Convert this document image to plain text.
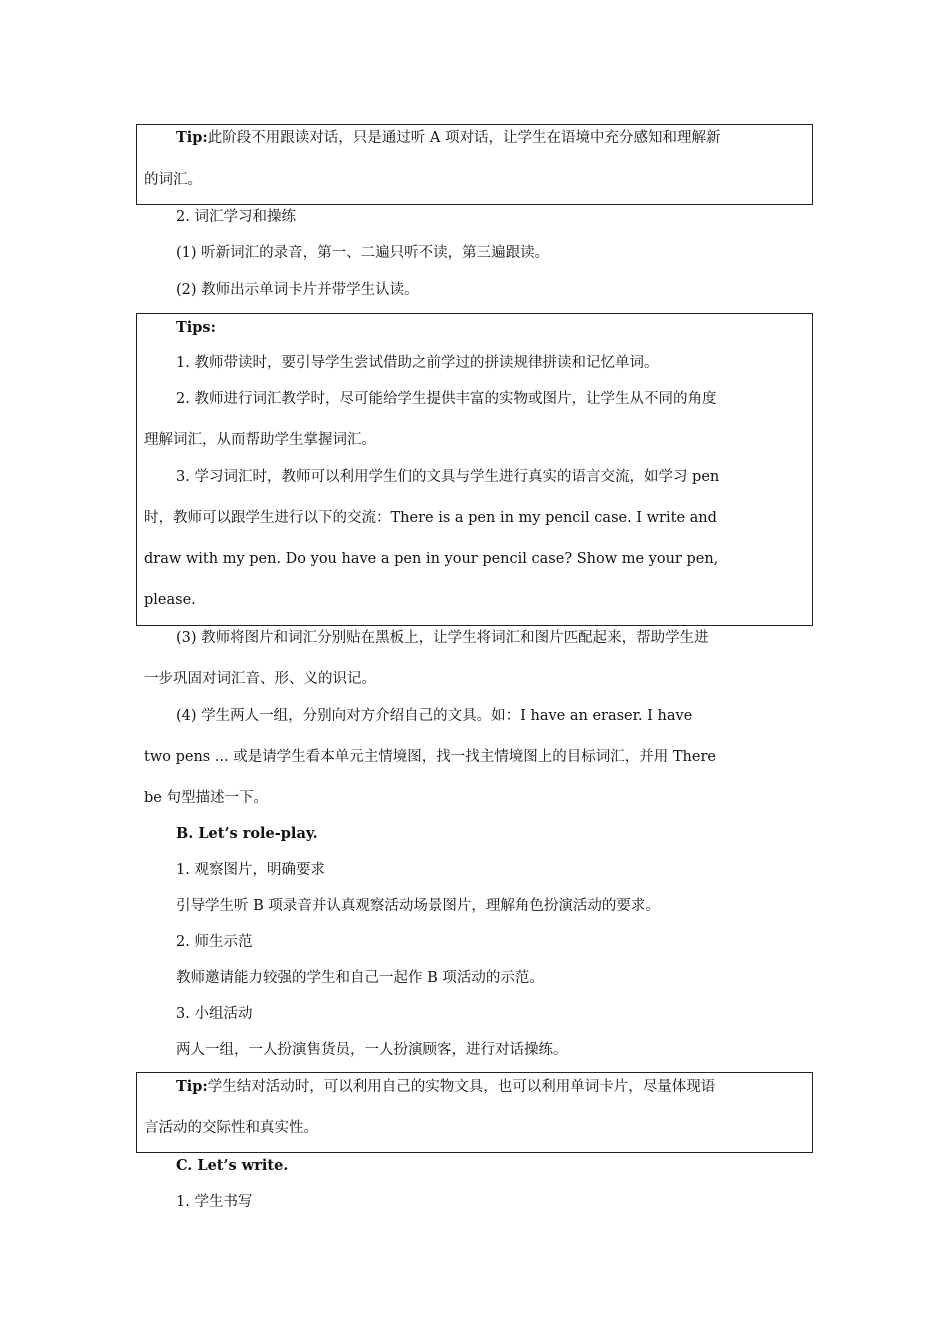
Tip:此阶段不用跟读对话，只是通过听 A 项对话，让学生在语境中充分感知和理解新
的词汇。
2. 词汇学习和操练
(1) 听新词汇的录音，第一、二遍只听不读，第三遍跟读。
(2) 教师出示单词卡片并带学生认读。
Tips:
1. 教师带读时，要引导学生尝试借助之前学过的拼读规律拼读和记忆单词。
2. 教师进行词汇教学时，尽可能给学生提供丰富的实物或图片，让学生从不同的角度
理解词汇，从而帮助学生掌握词汇。
3. 学习词汇时，教师可以利用学生们的文具与学生进行真实的语言交流，如学习 pen
时，教师可以跟学生进行以下的交流：There is a pen in my pencil case. I write and
draw with my pen. Do you have a pen in your pencil case? Show me your pen,
please.
(3) 教师将图片和词汇分别贴在黑板上，让学生将词汇和图片匹配起来，帮助学生进
一步巩固对词汇音、形、义的识记。
(4) 学生两人一组，分别向对方介绍自己的文具。如：I have an eraser. I have
two pens ... 或是请学生看本单元主情境图，找一找主情境图上的目标词汇，并用 There
be 句型描述一下。
B. Let’s role-play.
1. 观察图片，明确要求
引导学生听 B 项录音并认真观察活动场景图片，理解角色扮演活动的要求。
2. 师生示范
教师邀请能力较强的学生和自己一起作 B 项活动的示范。
3. 小组活动
两人一组，一人扮演售货员，一人扮演顾客，进行对话操练。
Tip:学生结对活动时，可以利用自己的实物文具，也可以利用单词卡片，尽量体现语
言活动的交际性和真实性。
C. Let’s write.
1. 学生书写
